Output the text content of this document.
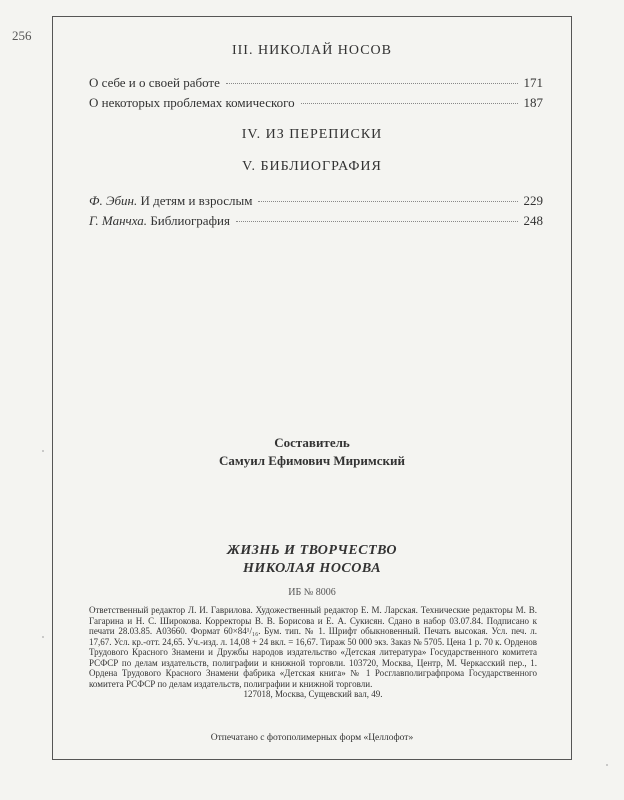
256
III. НИКОЛАЙ НОСОВ
О себе и о своей работе	171
О некоторых проблемах комического	187
IV. ИЗ ПЕРЕПИСКИ
V. БИБЛИОГРАФИЯ
Ф. Эбин. И детям и взрослым	229
Г. Манчха. Библиография	248
Составитель
Самуил Ефимович Миримский
ЖИЗНЬ И ТВОРЧЕСТВО
НИКОЛАЯ НОСОВА
ИБ № 8006
Ответственный редактор Л. И. Гаврилова. Художественный редактор Е. М. Ларская. Технические редакторы М. В. Гагарина и Н. С. Широкова. Корректоры В. В. Борисова и Е. А. Сукисян. Сдано в набор 03.07.84. Подписано к печати 28.03.85. А03660. Формат 60×84¹/₁₆. Бум. тип. № 1. Шрифт обыкновенный. Печать высокая. Усл. печ. л. 17,67. Усл. кр.-отт. 24,65. Уч.-изд. л. 14,08 + 24 вкл. = 16,67. Тираж 50 000 экз. Заказ № 5705. Цена 1 р. 70 к. Орденов Трудового Красного Знамени и Дружбы народов издательство «Детская литература» Государственного комитета РСФСР по делам издательств, полиграфии и книжной торговли. 103720, Москва, Центр, М. Черкасский пер., 1. Ордена Трудового Красного Знамени фабрика «Детская книга» № 1 Росглавполиграфпрома Государственного комитета РСФСР по делам издательств, полиграфии и книжной торговли.
127018, Москва, Сущевский вал, 49.
Отпечатано с фотополимерных форм «Целлофот»
